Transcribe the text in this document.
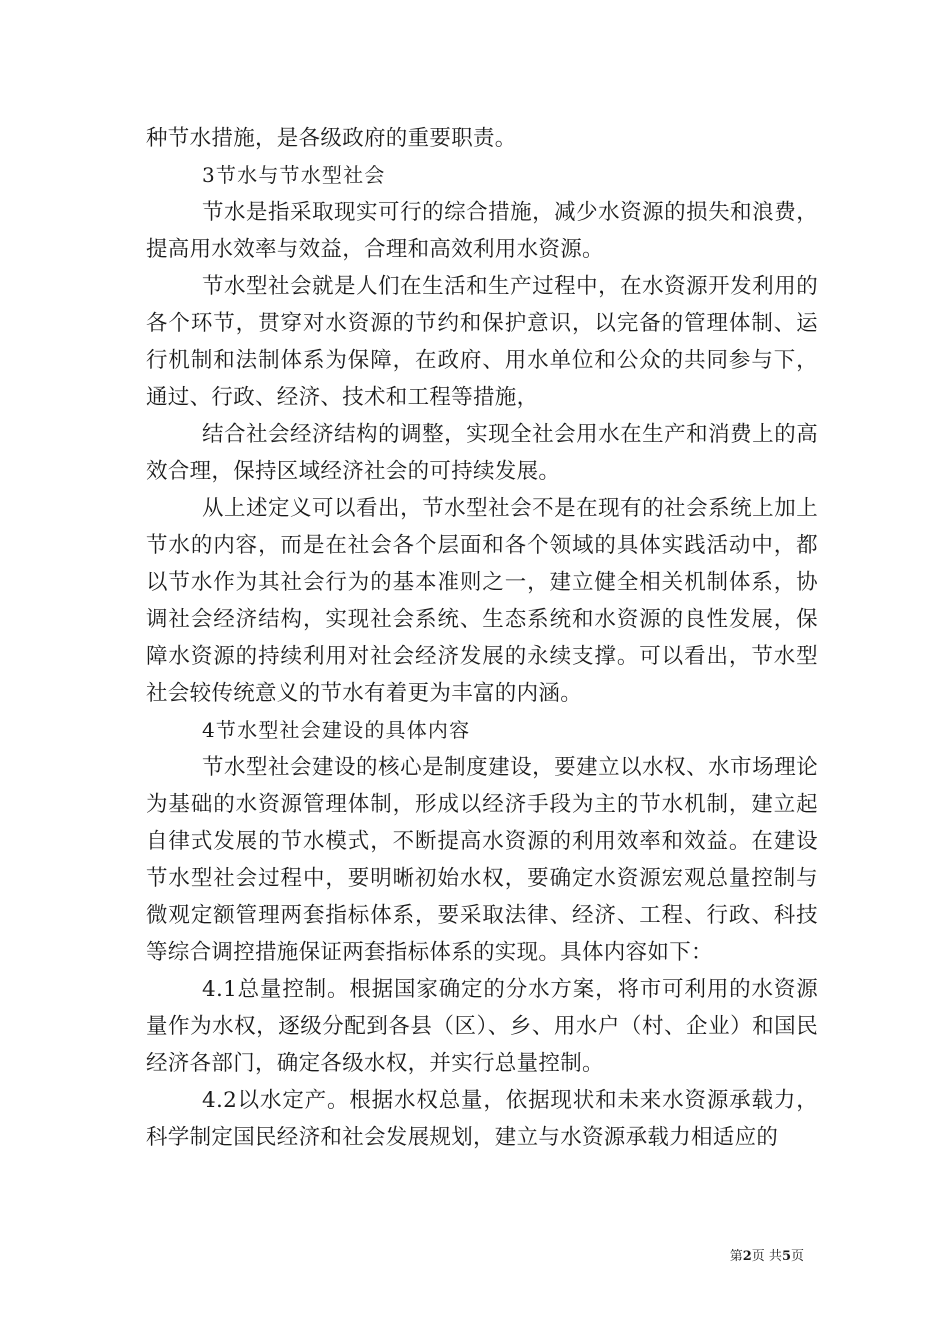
种节水措施，是各级政府的重要职责。

3节水与节水型社会

节水是指采取现实可行的综合措施，减少水资源的损失和浪费，提高用水效率与效益，合理和高效利用水资源。

节水型社会就是人们在生活和生产过程中，在水资源开发利用的各个环节，贯穿对水资源的节约和保护意识，以完备的管理体制、运行机制和法制体系为保障，在政府、用水单位和公众的共同参与下，通过、行政、经济、技术和工程等措施，

结合社会经济结构的调整，实现全社会用水在生产和消费上的高效合理，保持区域经济社会的可持续发展。

从上述定义可以看出，节水型社会不是在现有的社会系统上加上节水的内容，而是在社会各个层面和各个领域的具体实践活动中，都以节水作为其社会行为的基本准则之一，建立健全相关机制体系，协调社会经济结构，实现社会系统、生态系统和水资源的良性发展，保障水资源的持续利用对社会经济发展的永续支撑。可以看出，节水型社会较传统意义的节水有着更为丰富的内涵。

4节水型社会建设的具体内容

节水型社会建设的核心是制度建设，要建立以水权、水市场理论为基础的水资源管理体制，形成以经济手段为主的节水机制，建立起自律式发展的节水模式，不断提高水资源的利用效率和效益。在建设节水型社会过程中，要明晰初始水权，要确定水资源宏观总量控制与微观定额管理两套指标体系，要采取法律、经济、工程、行政、科技等综合调控措施保证两套指标体系的实现。具体内容如下：

4.1总量控制。根据国家确定的分水方案，将市可利用的水资源量作为水权，逐级分配到各县（区）、乡、用水户（村、企业）和国民经济各部门，确定各级水权，并实行总量控制。

4.2以水定产。根据水权总量，依据现状和未来水资源承载力，科学制定国民经济和社会发展规划，建立与水资源承载力相适应的

第2页 共5页
